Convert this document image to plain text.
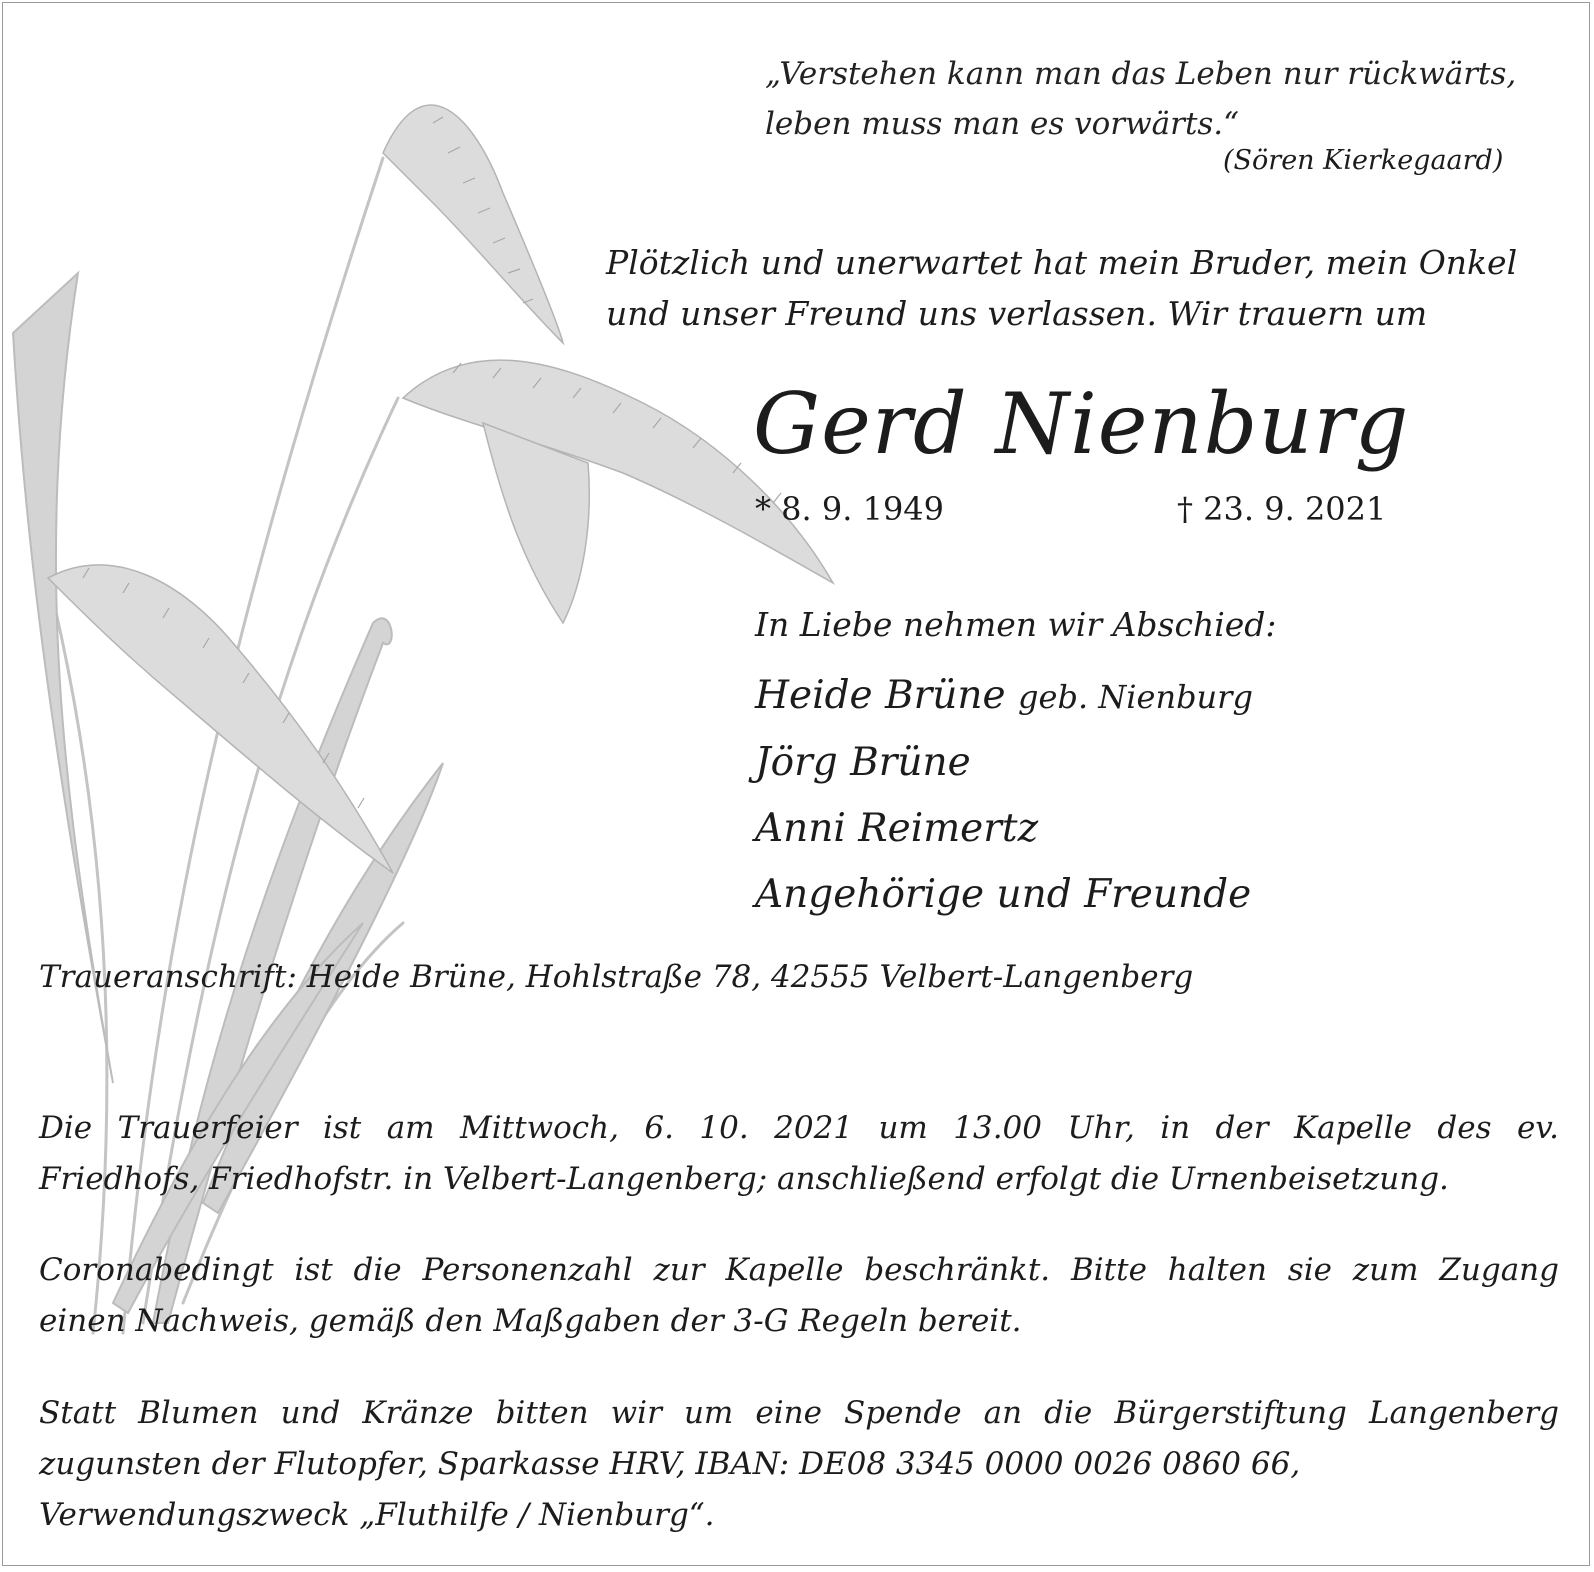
„Verstehen kann man das Leben nur rückwärts,
leben muss man es vorwärts.“
(Sören Kierkegaard)
Plötzlich und unerwartet hat mein Bruder, mein Onkel
und unser Freund uns verlassen. Wir trauern um
Gerd Nienburg
* 8. 9. 1949	† 23. 9. 2021
In Liebe nehmen wir Abschied:
Heide Brüne geb. Nienburg
Jörg Brüne
Anni Reimertz
Angehörige und Freunde
Traueranschrift: Heide Brüne, Hohlstraße 78, 42555 Velbert-Langenberg
Die Trauerfeier ist am Mittwoch, 6. 10. 2021 um 13.00 Uhr, in der Kapelle des ev.
Friedhofs, Friedhofstr. in Velbert-Langenberg; anschließend erfolgt die Urnenbeisetzung.
Coronabedingt ist die Personenzahl zur Kapelle beschränkt. Bitte halten sie zum Zugang
einen Nachweis, gemäß den Maßgaben der 3-G Regeln bereit.
Statt Blumen und Kränze bitten wir um eine Spende an die Bürgerstiftung Langenberg
zugunsten der Flutopfer, Sparkasse HRV, IBAN: DE08 3345 0000 0026 0860 66,
Verwendungszweck „Fluthilfe / Nienburg“.
